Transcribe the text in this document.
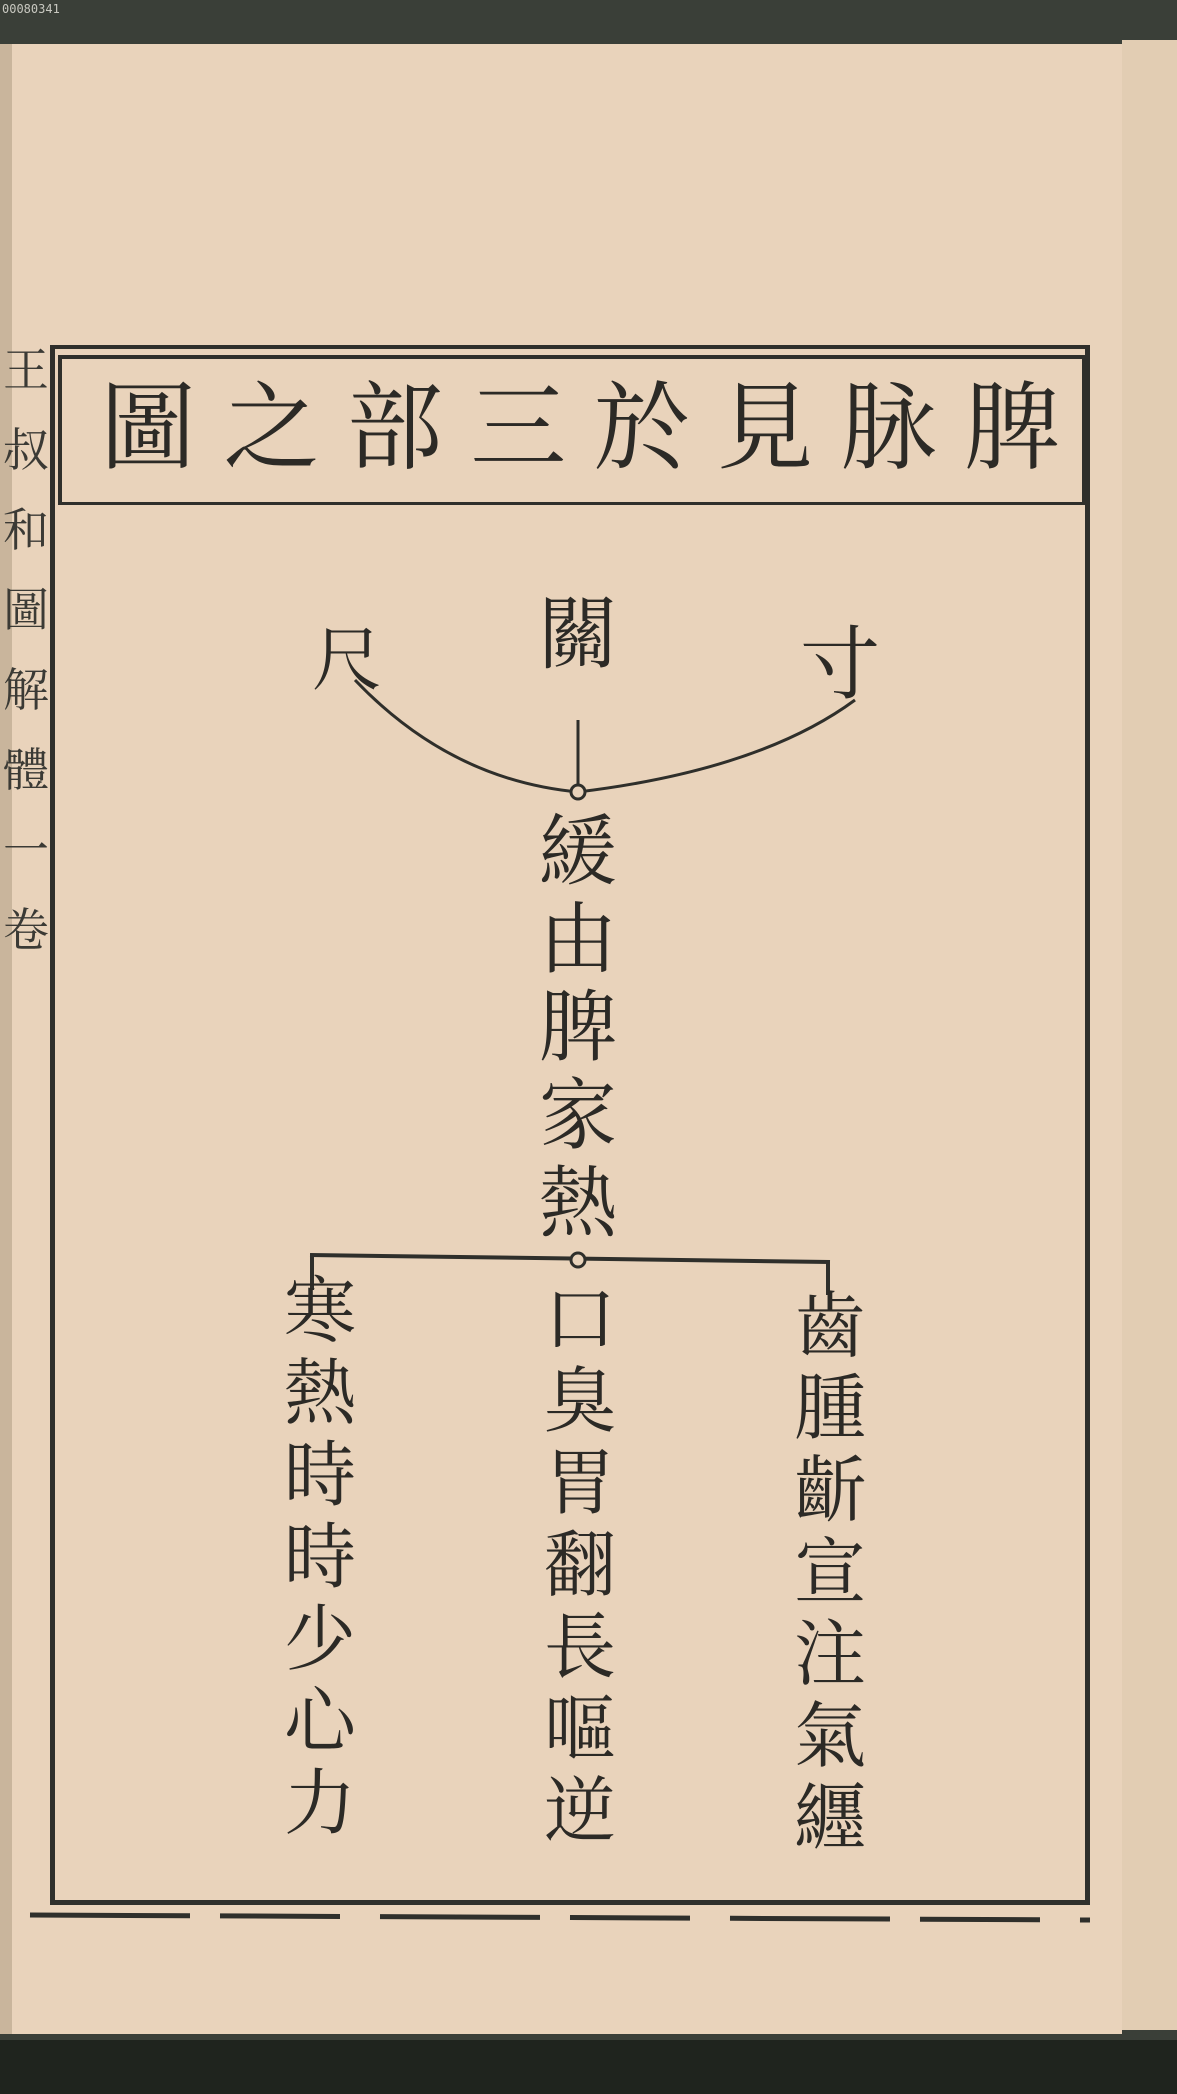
00080341
王
叔
和
圖
解
體
一
卷
脾
脉
見
於
三
部
之
圖
尺 關 寸
緩
由
脾
家
熱
齒
腫
齗
宣
注
氣
纒
口
臭
胃
翻
長
嘔
逆
寒
熱
時
時
少
心
力
